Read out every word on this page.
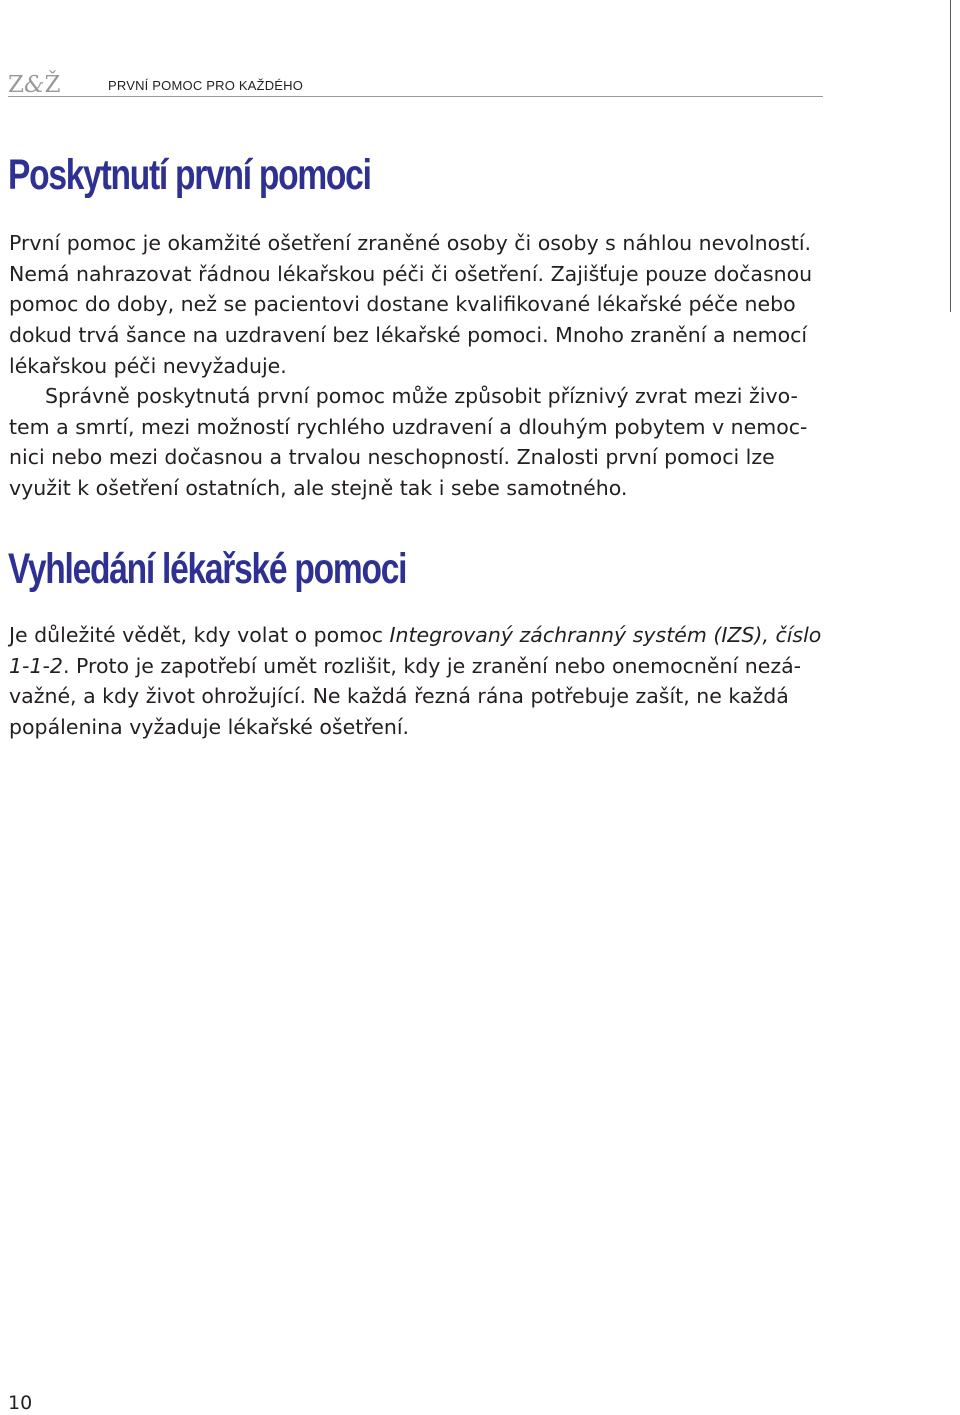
Z&Ž	PRVNÍ POMOC PRO KAŽDÉHO
Poskytnutí první pomoci

První pomoc je okamžité ošetření zraněné osoby či osoby s náhlou nevolností.
Nemá nahrazovat řádnou lékařskou péči či ošetření. Zajišťuje pouze dočasnou
pomoc do doby, než se pacientovi dostane kvalifikované lékařské péče nebo
dokud trvá šance na uzdravení bez lékařské pomoci. Mnoho zranění a nemocí
lékařskou péči nevyžaduje.

Správně poskytnutá první pomoc může způsobit příznivý zvrat mezi živo-
tem a smrtí, mezi možností rychlého uzdravení a dlouhým pobytem v nemoc-
nici nebo mezi dočasnou a trvalou neschopností. Znalosti první pomoci lze
využit k ošetření ostatních, ale stejně tak i sebe samotného.

Vyhledání lékařské pomoci

Je důležité vědět, kdy volat o pomoc Integrovaný záchranný systém (IZS), číslo
1-1-2. Proto je zapotřebí umět rozlišit, kdy je zranění nebo onemocnění nezá-
važné, a kdy život ohrožující. Ne každá řezná rána potřebuje zašít, ne každá
popálenina vyžaduje lékařské ošetření.

10
